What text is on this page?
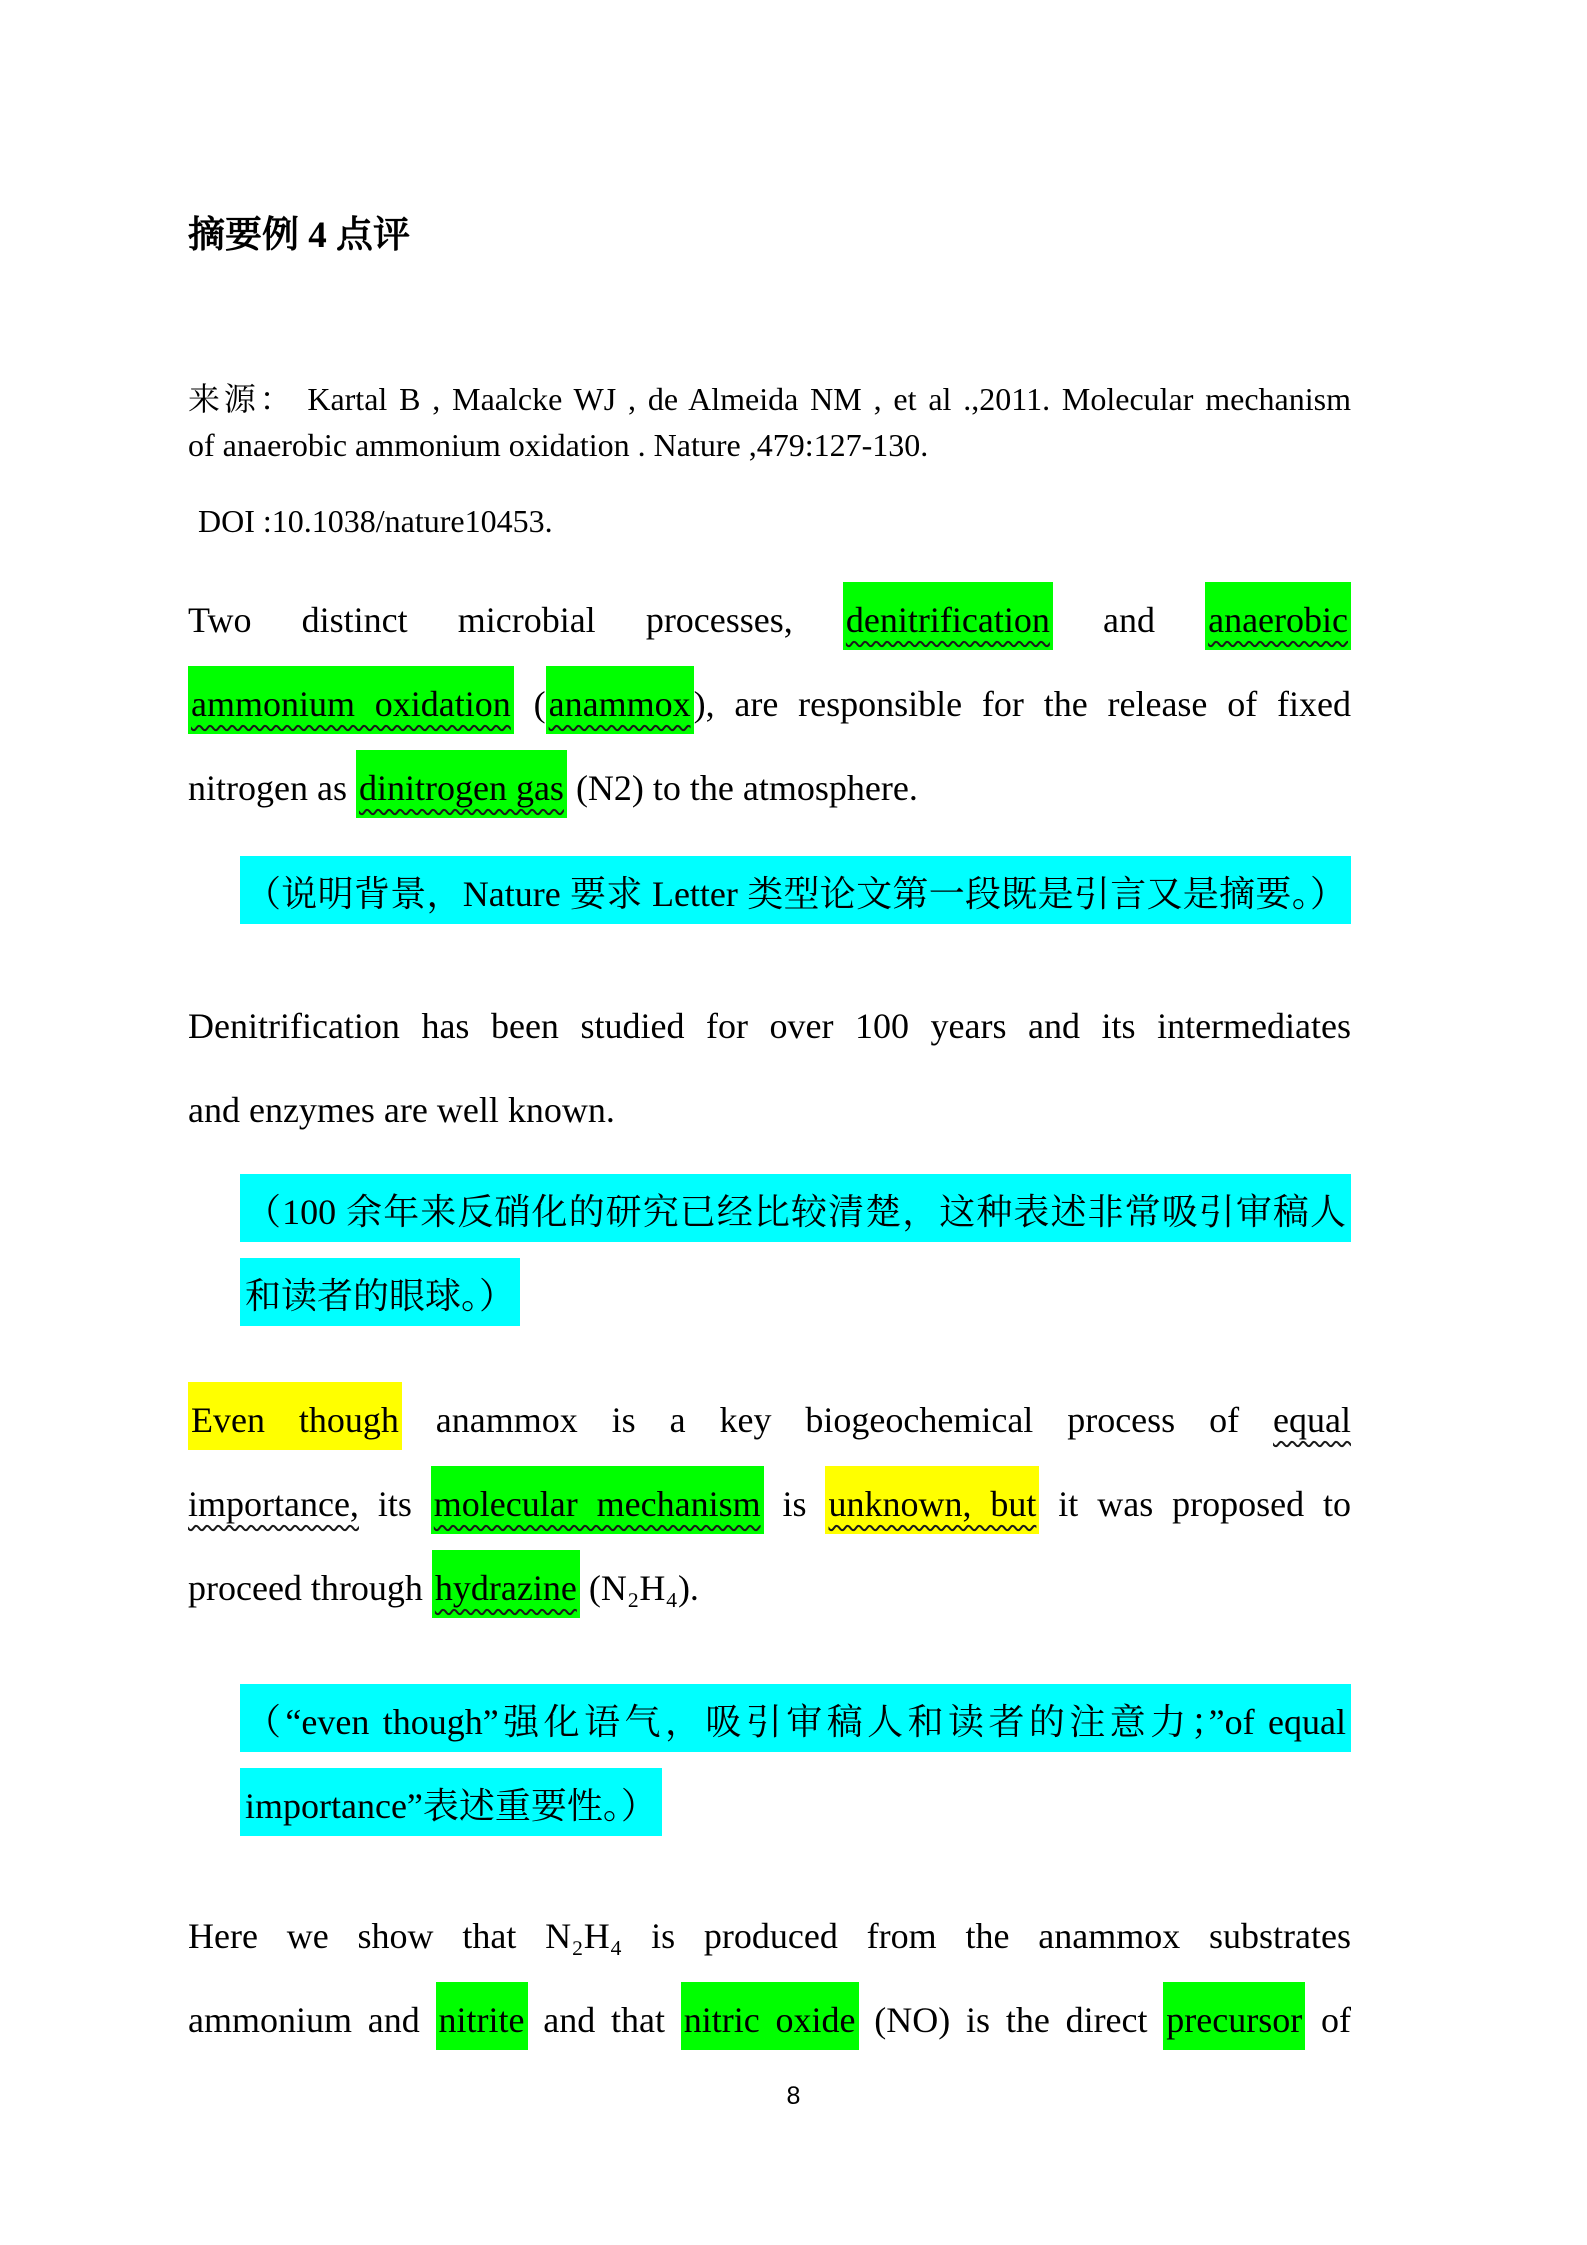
摘要例 4 点评
来源： Kartal B , Maalcke WJ , de Almeida NM , et al .,2011. Molecular mechanism
of anaerobic ammonium oxidation . Nature ,479:127-130.
DOI :10.1038/nature10453.
Two distinct microbial processes, denitrification and anaerobic
ammonium oxidation (anammox), are responsible for the release of fixed
nitrogen as dinitrogen gas (N2) to the atmosphere.
（说明背景，Nature 要求 Letter 类型论文第一段既是引言又是摘要。）
Denitrification has been studied for over 100 years and its intermediates
and enzymes are well known.
（100 余年来反硝化的研究已经比较清楚，这种表述非常吸引审稿人
和读者的眼球。）
Even though anammox is a key biogeochemical process of equal
importance, its molecular mechanism is unknown, but it was proposed to
proceed through hydrazine (N₂H₄).
（“even though”强化语气，吸引审稿人和读者的注意力；”of equal
importance”表述重要性。）
Here we show that N₂H₄ is produced from the anammox substrates
ammonium and nitrite and that nitric oxide (NO) is the direct precursor of
8
